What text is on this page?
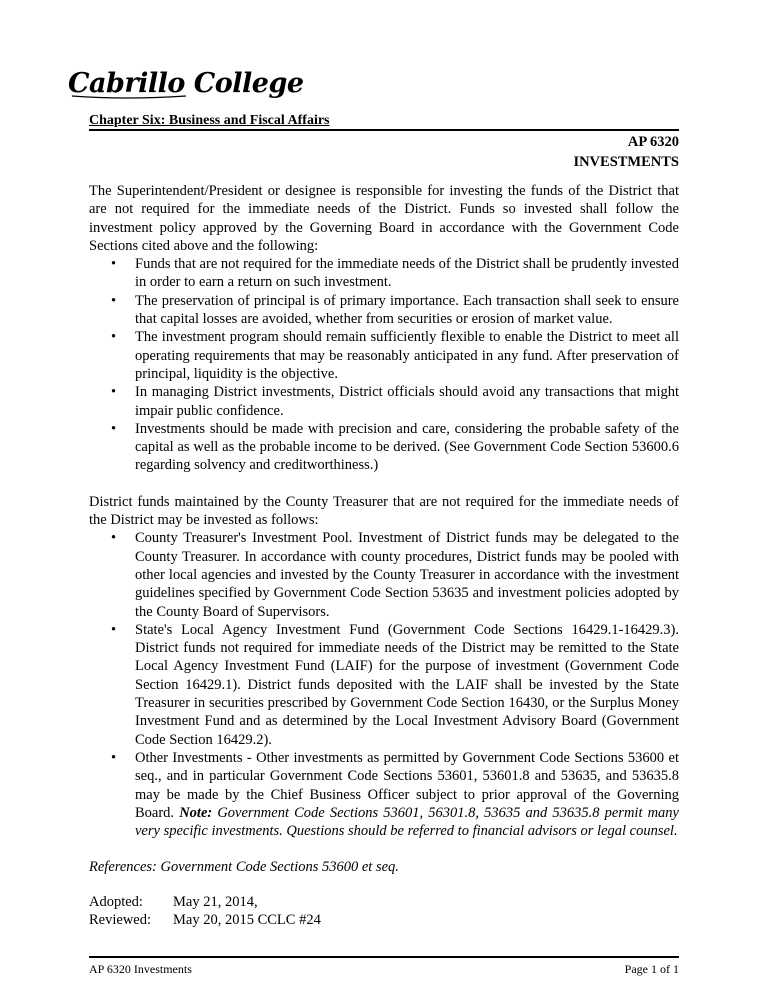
Cabrillo College
Chapter Six: Business and Fiscal Affairs
AP 6320
INVESTMENTS

The Superintendent/President or designee is responsible for investing the funds of the District that are not required for the immediate needs of the District. Funds so invested shall follow the investment policy approved by the Governing Board in accordance with the Government Code Sections cited above and the following:

• Funds that are not required for the immediate needs of the District shall be prudently invested in order to earn a return on such investment.
• The preservation of principal is of primary importance. Each transaction shall seek to ensure that capital losses are avoided, whether from securities or erosion of market value.
• The investment program should remain sufficiently flexible to enable the District to meet all operating requirements that may be reasonably anticipated in any fund. After preservation of principal, liquidity is the objective.
• In managing District investments, District officials should avoid any transactions that might impair public confidence.
• Investments should be made with precision and care, considering the probable safety of the capital as well as the probable income to be derived. (See Government Code Section 53600.6 regarding solvency and creditworthiness.)

District funds maintained by the County Treasurer that are not required for the immediate needs of the District may be invested as follows:

• County Treasurer's Investment Pool. Investment of District funds may be delegated to the County Treasurer. In accordance with county procedures, District funds may be pooled with other local agencies and invested by the County Treasurer in accordance with the investment guidelines specified by Government Code Section 53635 and investment policies adopted by the County Board of Supervisors.
• State's Local Agency Investment Fund (Government Code Sections 16429.1-16429.3). District funds not required for immediate needs of the District may be remitted to the State Local Agency Investment Fund (LAIF) for the purpose of investment (Government Code Section 16429.1). District funds deposited with the LAIF shall be invested by the State Treasurer in securities prescribed by Government Code Section 16430, or the Surplus Money Investment Fund and as determined by the Local Investment Advisory Board (Government Code Section 16429.2).
• Other Investments - Other investments as permitted by Government Code Sections 53600 et seq., and in particular Government Code Sections 53601, 53601.8 and 53635, and 53635.8 may be made by the Chief Business Officer subject to prior approval of the Governing Board. Note: Government Code Sections 53601, 56301.8, 53635 and 53635.8 permit many very specific investments. Questions should be referred to financial advisors or legal counsel.

References: Government Code Sections 53600 et seq.

Adopted:	May 21, 2014,
Reviewed:	May 20, 2015 CCLC #24
AP 6320 Investments	Page 1 of 1
